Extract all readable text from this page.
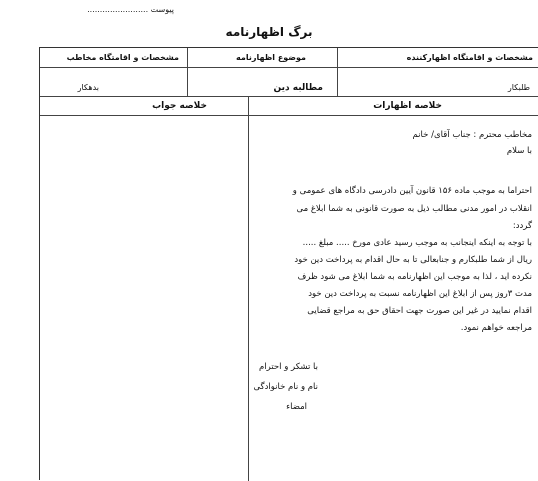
پیوست ........................
برگ اظهارنامه
مشخصات و اقامتگاه اظهارکننده
موضوع اظهارنامه
مشخصات و اقامتگاه مخاطب
طلبکار
مطالبه دین
بدهکار
خلاصه اظهارات
خلاصه جواب
مخاطب محترم : جناب آقای/ خانم
با سلام
احتراما به موجب ماده ۱۵۶ قانون آیین دادرسی دادگاه های عمومی و
انقلاب در امور مدنی مطالب ذیل به صورت قانونی به شما ابلاغ می
گردد:
با توجه به اینکه اینجانب به موجب رسید عادی مورخ ..... مبلغ .....
ریال از شما طلبکارم و جنابعالی تا به حال اقدام به پرداخت دین خود
نکرده اید ، لذا به موجب این اظهارنامه به شما ابلاغ می شود ظرف
مدت ۳روز پس از ابلاغ این اظهارنامه نسبت به پرداخت دین خود
اقدام نمایید در غیر این صورت جهت احقاق حق به مراجع قضایی
مراجعه خواهم نمود.
با تشکر و احترام
نام و نام خانوادگی
امضاء
